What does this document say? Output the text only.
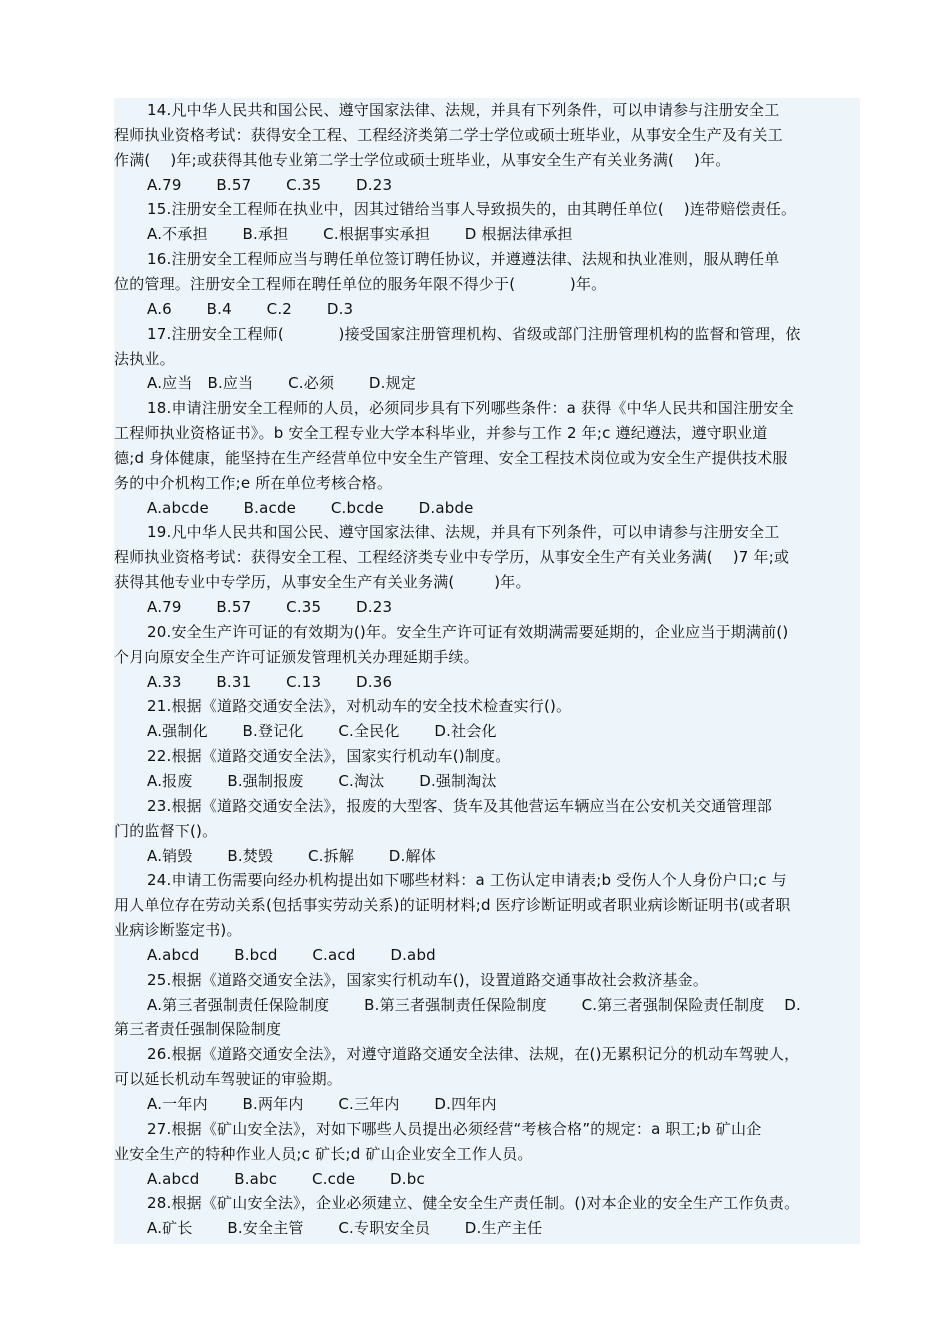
14.凡中华人民共和国公民、遵守国家法律、法规，并具有下列条件，可以申请参与注册安全工
程师执业资格考试：获得安全工程、工程经济类第二学士学位或硕士班毕业，从事安全生产及有关工
作满(    )年;或获得其他专业第二学士学位或硕士班毕业，从事安全生产有关业务满(    )年。
A.79       B.57       C.35       D.23
15.注册安全工程师在执业中，因其过错给当事人导致损失的，由其聘任单位(    )连带赔偿责任。
A.不承担       B.承担       C.根据事实承担       D 根据法律承担
16.注册安全工程师应当与聘任单位签订聘任协议，并遵遵法律、法规和执业准则，服从聘任单
位的管理。注册安全工程师在聘任单位的服务年限不得少于(           )年。
A.6       B.4       C.2       D.3
17.注册安全工程师(           )接受国家注册管理机构、省级或部门注册管理机构的监督和管理，依
法执业。
A.应当   B.应当       C.必须       D.规定
18.申请注册安全工程师的人员，必须同步具有下列哪些条件：a 获得《中华人民共和国注册安全
工程师执业资格证书》。b 安全工程专业大学本科毕业，并参与工作 2 年;c 遵纪遵法，遵守职业道
德;d 身体健康，能坚持在生产经营单位中安全生产管理、安全工程技术岗位或为安全生产提供技术服
务的中介机构工作;e 所在单位考核合格。
A.abcde       B.acde       C.bcde       D.abde
19.凡中华人民共和国公民、遵守国家法律、法规，并具有下列条件，可以申请参与注册安全工
程师执业资格考试：获得安全工程、工程经济类专业中专学历，从事安全生产有关业务满(    )7 年;或
获得其他专业中专学历，从事安全生产有关业务满(        )年。
A.79       B.57       C.35       D.23
20.安全生产许可证的有效期为()年。安全生产许可证有效期满需要延期的，企业应当于期满前()
个月向原安全生产许可证颁发管理机关办理延期手续。
A.33       B.31       C.13       D.36
21.根据《道路交通安全法》，对机动车的安全技术检查实行()。
A.强制化       B.登记化       C.全民化       D.社会化
22.根据《道路交通安全法》，国家实行机动车()制度。
A.报废       B.强制报废       C.淘汰       D.强制淘汰
23.根据《道路交通安全法》，报废的大型客、货车及其他营运车辆应当在公安机关交通管理部
门的监督下()。
A.销毁       B.焚毁       C.拆解       D.解体
24.申请工伤需要向经办机构提出如下哪些材料：a 工伤认定申请表;b 受伤人个人身份户口;c 与
用人单位存在劳动关系(包括事实劳动关系)的证明材料;d 医疗诊断证明或者职业病诊断证明书(或者职
业病诊断鉴定书)。
A.abcd       B.bcd       C.acd       D.abd
25.根据《道路交通安全法》，国家实行机动车()，设置道路交通事故社会救济基金。
A.第三者强制责任保险制度       B.第三者强制责任保险制度       C.第三者强制保险责任制度    D.
第三者责任强制保险制度
26.根据《道路交通安全法》，对遵守道路交通安全法律、法规，在()无累积记分的机动车驾驶人，
可以延长机动车驾驶证的审验期。
A.一年内       B.两年内       C.三年内       D.四年内
27.根据《矿山安全法》，对如下哪些人员提出必须经营“考核合格”的规定：a 职工;b 矿山企
业安全生产的特种作业人员;c 矿长;d 矿山企业安全工作人员。
A.abcd       B.abc       C.cde       D.bc
28.根据《矿山安全法》，企业必须建立、健全安全生产责任制。()对本企业的安全生产工作负责。
A.矿长       B.安全主管       C.专职安全员       D.生产主任
